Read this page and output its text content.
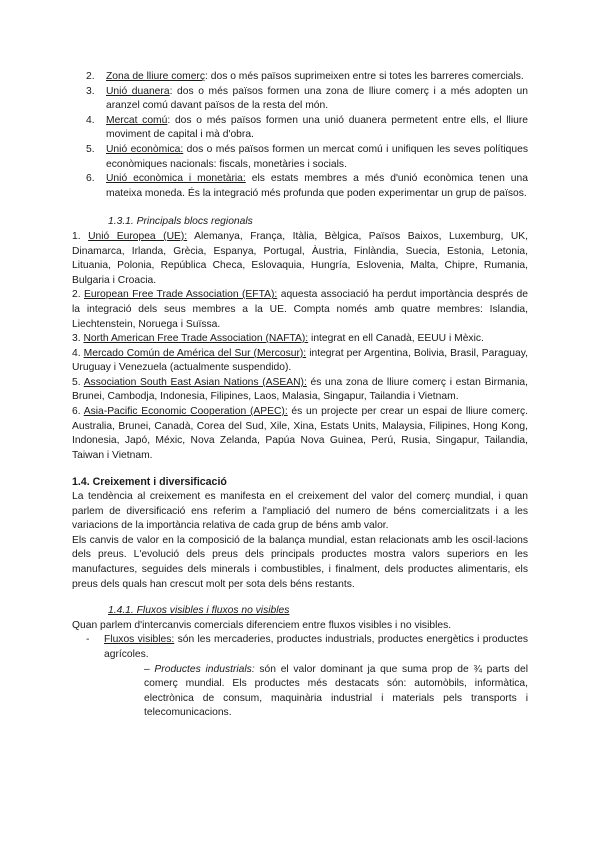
2.	Zona de lliure comerç: dos o més països suprimeixen entre si totes les barreres comercials.
3.	Unió duanera: dos o més països formen una zona de lliure comerç i a més adopten un aranzel comú davant països de la resta del món.
4.	Mercat comú: dos o més països formen una unió duanera permetent entre ells, el lliure moviment de capital i mà d'obra.
5.	Unió econòmica: dos o més països formen un mercat comú i unifiquen les seves polítiques econòmiques nacionals: fiscals, monetàries i socials.
6.	Unió econòmica i monetària: els estats membres a més d'unió econòmica tenen una mateixa moneda. És la integració més profunda que poden experimentar un grup de països.
1.3.1. Principals blocs regionals
1. Unió Europea (UE): Alemanya, França, Itàlia, Bèlgica, Països Baixos, Luxemburg, UK, Dinamarca, Irlanda, Grècia, Espanya, Portugal, Àustria, Finlàndia, Suecia, Estonia, Letonia, Lituania, Polonia, República Checa, Eslovaquia, Hungría, Eslovenia, Malta, Chipre, Rumania, Bulgaria i Croacia.
2. European Free Trade Association (EFTA): aquesta associació ha perdut importància després de la integració dels seus membres a la UE. Compta només amb quatre membres: Islandia, Liechtenstein, Noruega i Suïssa.
3. North American Free Trade Association (NAFTA): integrat en ell Canadà, EEUU i Mèxic.
4. Mercado Común de América del Sur (Mercosur): integrat per Argentina, Bolivia, Brasil, Paraguay, Uruguay i Venezuela (actualmente suspendido).
5. Association South East Asian Nations (ASEAN): és una zona de lliure comerç i estan Birmania, Brunei, Cambodja, Indonesia, Filipines, Laos, Malasia, Singapur, Tailandia i Vietnam.
6. Asia-Pacific Economic Cooperation (APEC): és un projecte per crear un espai de lliure comerç. Australia, Brunei, Canadà, Corea del Sud, Xile, Xina, Estats Units, Malaysia, Filipines, Hong Kong, Indonesia, Japó, Méxic, Nova Zelanda, Papúa Nova Guinea, Perú, Rusia, Singapur, Tailandia, Taiwan i Vietnam.
1.4. Creixement i diversificació
La tendència al creixement es manifesta en el creixement del valor del comerç mundial, i quan parlem de diversificació ens referim a l'ampliació del numero de béns comercialitzats i a les variacions de la importància relativa de cada grup de béns amb valor.
Els canvis de valor en la composició de la balança mundial, estan relacionats amb les oscil·lacions dels preus. L'evolució dels preus dels principals productes mostra valors superiors en les manufactures, seguides dels minerals i combustibles, i finalment, dels productes alimentaris, els preus dels quals han crescut molt per sota dels béns restants.
1.4.1. Fluxos visibles i fluxos no visibles
Quan parlem d'intercanvis comercials diferenciem entre fluxos visibles i no visibles.
-	Fluxos visibles: són les mercaderies, productes industrials, productes energètics i productes agrícoles.
– Productes industrials: són el valor dominant ja que suma prop de ¾ parts del comerç mundial. Els productes més destacats són: automòbils, informàtica, electrònica de consum, maquinària industrial i materials pels transports i telecomunicacions.
